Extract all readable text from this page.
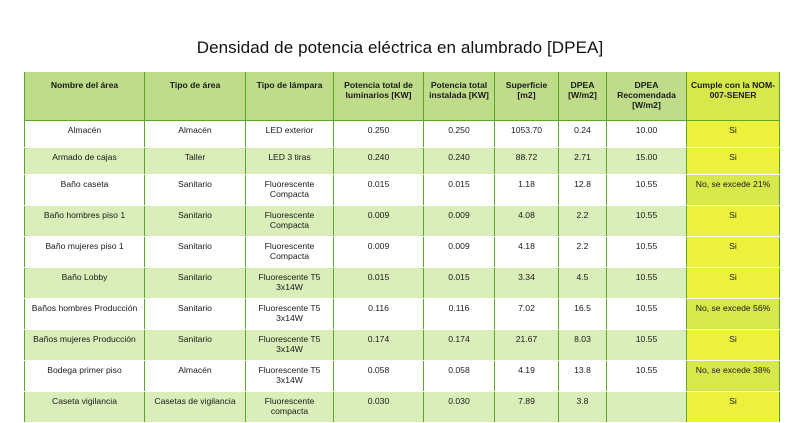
Densidad de potencia eléctrica en alumbrado [DPEA]
Nombre del área	Tipo de área	Tipo de lámpara	Potencia total de luminarios [KW]	Potencia total instalada [KW]	Superficie [m2]	DPEA [W/m2]	DPEA Recomendada [W/m2]	Cumple con la NOM-007-SENER
Almacén	Almacén	LED exterior	0.250	0.250	1053.70	0.24	10.00	Si
Armado de cajas	Taller	LED 3 tiras	0.240	0.240	88.72	2.71	15.00	Si
Baño caseta	Sanitario	Fluorescente Compacta	0.015	0.015	1.18	12.8	10.55	No, se excede 21%
Baño hombres piso 1	Sanitario	Fluorescente Compacta	0.009	0.009	4.08	2.2	10.55	Si
Baño mujeres piso 1	Sanitario	Fluorescente Compacta	0.009	0.009	4.18	2.2	10.55	Si
Baño Lobby	Sanitario	Fluorescente T5 3x14W	0.015	0.015	3.34	4.5	10.55	Si
Baños hombres Producción	Sanitario	Fluorescente T5 3x14W	0.116	0.116	7.02	16.5	10.55	No, se excede 56%
Baños mujeres Producción	Sanitario	Fluorescente T5 3x14W	0.174	0.174	21.67	8.03	10.55	Si
Bodega primer piso	Almacén	Fluorescente T5 3x14W	0.058	0.058	4.19	13.8	10.55	No, se excede 38%
Caseta vigilancia	Casetas de vigilancia	Fluorescente compacta	0.030	0.030	7.89	3.8		Si
